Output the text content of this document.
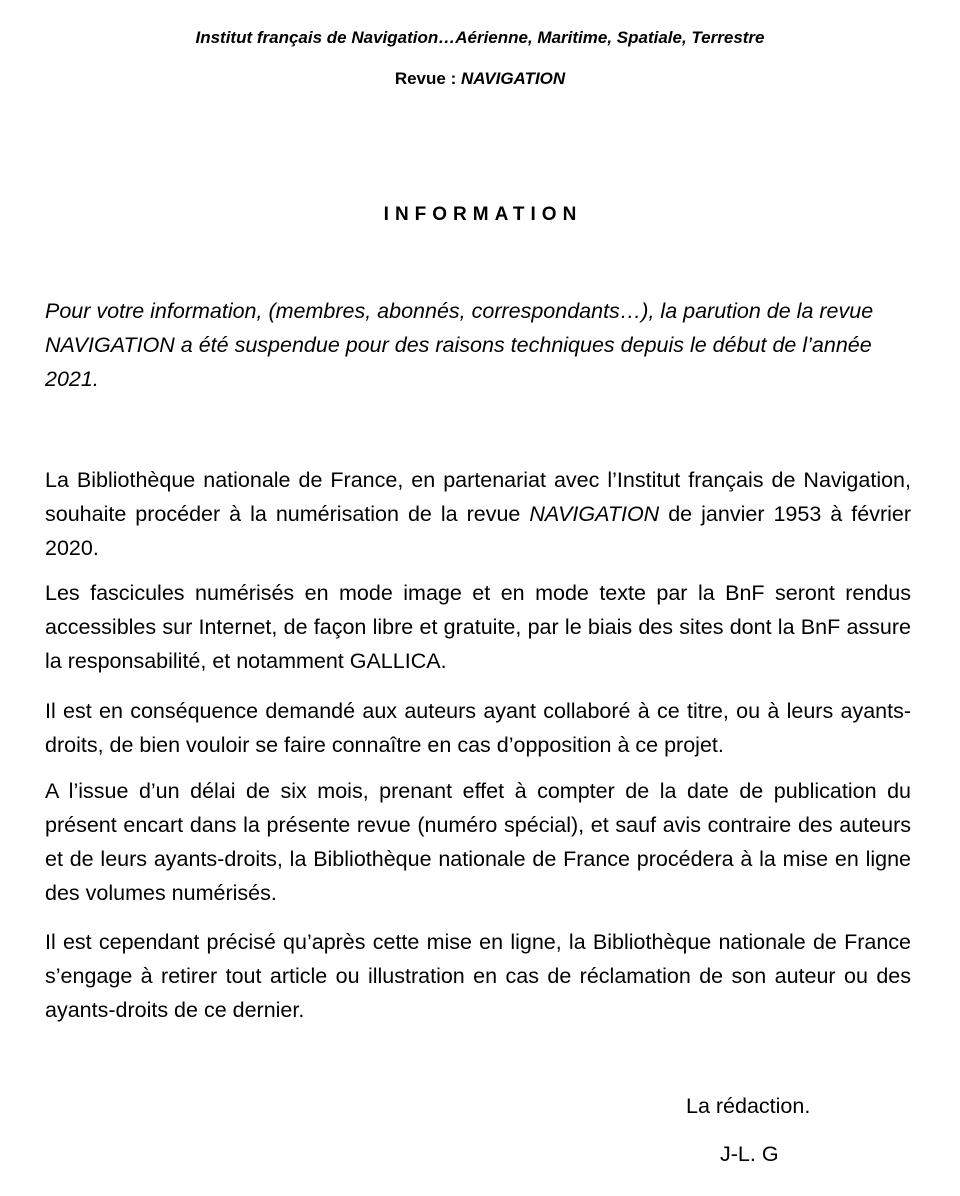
Institut français de Navigation…Aérienne, Maritime, Spatiale, Terrestre
Revue : NAVIGATION
INFORMATION
Pour votre information, (membres, abonnés, correspondants…), la parution de la revue NAVIGATION a été suspendue pour des raisons techniques depuis le début de l’année 2021.
La Bibliothèque nationale de France, en partenariat avec l’Institut français de Navigation, souhaite procéder à la numérisation de la revue NAVIGATION de janvier 1953 à février 2020.
Les fascicules numérisés en mode image et en mode texte par la BnF seront rendus accessibles sur Internet, de façon libre et gratuite, par le biais des sites dont la BnF assure la responsabilité, et notamment GALLICA.
Il est en conséquence demandé aux auteurs ayant collaboré à ce titre, ou à leurs ayants-droits, de bien vouloir se faire connaître en cas d’opposition à ce projet.
A l’issue d’un délai de six mois, prenant effet à compter de la date de publication du présent encart dans la présente revue (numéro spécial), et sauf avis contraire des auteurs et de leurs ayants-droits, la Bibliothèque nationale de France procédera à la mise en ligne des volumes numérisés.
Il est cependant précisé qu’après cette mise en ligne, la Bibliothèque nationale de France s’engage à retirer tout article ou illustration en cas de réclamation de son auteur ou des ayants-droits de ce dernier.
La rédaction.
J-L. G
